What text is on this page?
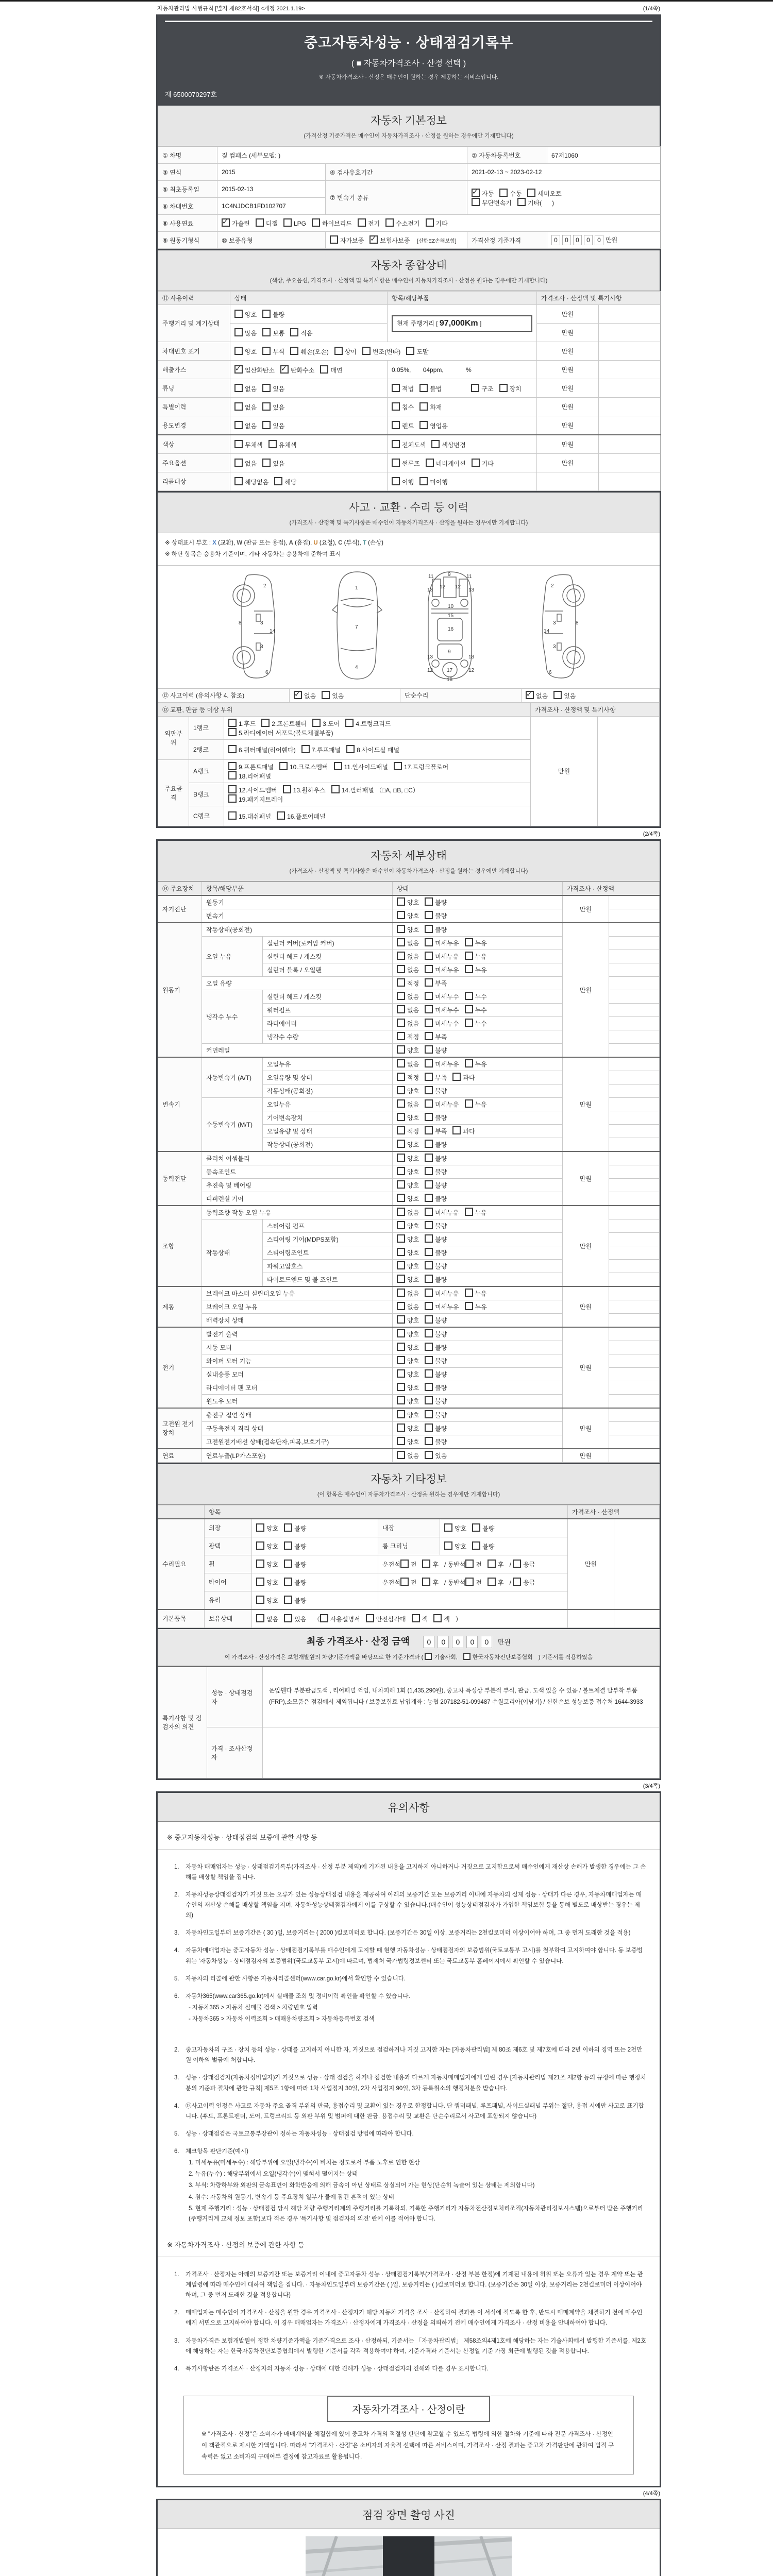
자동차관리법 시행규칙 [별지 제82호서식] <개정 2021.1.19>	(1/4쪽)
중고자동차성능 · 상태점검기록부
( ■ 자동차가격조사 · 산정 선택 )
※ 자동차가격조사 · 산정은 매수인이 원하는 경우 제공하는 서비스입니다.
제 6500070297호
자동차 기본정보
(가격산정 기준가격은 매수인이 자동차가격조사 · 산정을 원하는 경우에만 기재합니다)
① 차명	짚 컴패스 (세부모델: )		② 자동차등록번호	67저1060
③ 연식	2015	④ 검사유효기간	2021-02-13 ~ 2023-02-12	
⑤ 최초등록일	2015-02-13	⑦ 변속기 종류	✓자동 수동 세미오토
무단변속기 기타(      )
⑥ 차대번호	1C4NJDCB1FD102707			
⑧ 사용연료	✓가솔린 디젤 LPG 하이브리드 전기 수소전기 기타
⑨ 원동기형식	⑩ 보증유형	자가보증 ✓ 보험사보증 [신한EZ손해보험]	가격산정 기준가격	0 0 0 0 0 만원
자동차 종합상태
(색상, 주요옵션, 가격조사 · 산정액 및 특기사항은 매수인이 자동차가격조사 · 산정을 원하는 경우에만 기재합니다)
⑪ 사용이력	상태	항목/해당부품	가격조사 · 산정액 및 특기사항	
주행거리 및 계기상태	양호 불량	현재 주행거리 [ 97,000Km ]	만원	
	많음 보통 적음		만원	
차대번호 표기	양호 부식 훼손(오손) 상이 변조(변타) 도말		만원	
배출가스	✓일산화탄소 ✓ 탄화수소 매연	0.05%,       04ppm,             %	만원	
튜닝	없음 있음	적법 불법 구조 장치	만원	
특별이력	없음 있음	침수 화재	만원	
용도변경	없음 있음	렌트 영업용	만원	
색상	무채색 유채색	전체도색 색상변경	만원	
주요옵션	없음 있음	썬루프 네비게이션 기타	만원	
리콜대상	해당없음 해당	이행 미이행		
사고 · 교환 · 수리 등 이력
(가격조사 · 산정액 및 특기사항은 매수인이 자동차가격조사 · 산정을 원하는 경우에만 기재합니다)
※ 상태표시 부호 : X (교환), W (판금 또는 용접), A (흠집), U (요철), C (부식), T (손상)
※ 하단 항목은 승용차 기준이며, 기타 자동차는 승용차에 준하여 표시
2
8	3
14
3
6
1
7
4
11	11
13	13
12 12
9
10
15
16
13	13
9
12	12
17
18
2
3	8
14
3
6
⑫ 사고이력 (유의사항 4. 참조)	✓없음	있음	단순수리	✓없음	있음
⑬ 교환, 판금 등 이상 부위			가격조사 · 산정액 및 특기사항	
외판부위	1랭크	1.후드 2.프론트휀더 3.도어 4.트렁크리드
5.라디에이터 서포트(볼트체결부품)	만원	
	2랭크	6.쿼터패널(리어휀다) 7.루프패널 8.사이드실 패널		
주요골격	A랭크	9.프론트패널 10.크로스멤버 11.인사이드패널 17.트렁크플로어
18.리어패널		
	B랭크	12.사이드멤버 13.휠하우스 14.필러패널 （□A, □B, □C）
19.패키지트레이		
	C랭크	15.대쉬패널 16.플로어패널		
(2/4쪽)
자동차 세부상태
(가격조사 · 산정액 및 특기사항은 매수인이 자동차가격조사 · 산정을 원하는 경우에만 기재합니다)
⑭ 주요장치	항목/해당부품		상태	가격조사 · 산정액	
자기진단	원동기		양호 불량	만원	
	변속기		양호 불량		
원동기	작동상태(공회전)		양호 불량	만원	
	오일 누유	실린더 커버(로커암 커버)	없음 미세누유 누유		
		실린더 헤드 / 개스킷	없음 미세누유 누유		
		실린더 블록 / 오일팬	없음 미세누유 누유		
	오일 유량		적정 부족		
	냉각수 누수	실린더 헤드 / 개스킷	없음 미세누수 누수		
		워터펌프	없음 미세누수 누수		
		라디에이터	없음 미세누수 누수		
		냉각수 수량	적정 부족		
	커먼레일		양호 불량		
변속기	자동변속기 (A/T)	오일누유	없음 미세누유 누유	만원	
		오일유량 및 상태	적정 부족 과다		
		작동상태(공회전)	양호 불량		
	수동변속기 (M/T)	오일누유	없음 미세누유 누유		
		기어변속장치	양호 불량		
		오일유량 및 상태	적정 부족 과다		
		작동상태(공회전)	양호 불량		
동력전달	클러치 어셈블리		양호 불량	만원	
	등속조인트		양호 불량		
	추진축 및 베어링		양호 불량		
	디퍼렌셜 기어		양호 불량		
조향	동력조향 작동 오일 누유		없음 미세누유 누유	만원	
	작동상태	스티어링 펌프	양호 불량		
		스티어링 기어(MDPS포함)	양호 불량		
		스티어링조인트	양호 불량		
		파워고압호스	양호 불량		
		타이로드엔드 및 볼 조인트	양호 불량		
제동	브레이크 마스터 실린더오일 누유		없음 미세누유 누유	만원	
	브레이크 오일 누유		없음 미세누유 누유		
	배력장치 상태		양호 불량		
전기	발전기 출력		양호 불량	만원	
	시동 모터		양호 불량		
	와이퍼 모터 기능		양호 불량		
	실내송풍 모터		양호 불량		
	라디에이터 팬 모터		양호 불량		
	윈도우 모터		양호 불량		
고전원 전기장치	충전구 절연 상태		양호 불량	만원	
	구동축전지 격리 상태		양호 불량		
	고전원전기배선 상태(접속단자,피복,보호기구)		양호 불량		
연료	연료누출(LP가스포함)		없음 있음	만원	
자동차 기타정보
(이 항목은 매수인이 자동차가격조사 · 산정을 원하는 경우에만 기재합니다)
	항목				가격조사 · 산정액	
수리필요	외장	양호 불량	내장	양호 불량	만원	
	광택	양호 불량	룸 크리닝	양호 불량		
	휠	양호 불량	운전석 전 후 / 동반석 전 후 / 응급			
	타이어	양호 불량	운전석 전 후 / 동반석 전 후 / 응급			
	유리	양호 불량				
기본품목	보유상태	없음 있음 （ 사용설명서 안전삼각대 잭 잭 ）				
최종 가격조사 · 산정 금액 0 0 0 0 0 만원
이 가격조사 · 산정가격은 보험개발원의 차량기준가액을 바탕으로 한 기준가격과 ( 기술사회,	한국자동차진단보증협회 ) 기준서를 적용하였음
특기사항 및 점검자의 의견	성능 · 상태점검자	운앞휀다 부분판금도색 , 리어패널 꺽임, 내차피해 1회 (1,435,290원), 중고차 특성상 부분적 부식, 판금, 도색 있을 수 있음 / 볼트체결 탈부착 부품(FRP),소모품은 점검에서 제외됩니다 / 보증보험료 납입계좌 : 농협 207182-51-099487 수원코리아(이남기) / 신한손보 성능보증 접수처 1644-3933
	가격 · 조사산정자	
(3/4쪽)
유의사항
※ 중고자동차성능 · 상태점검의 보증에 관한 사항 등
1. 자동차 매매업자는 성능 · 상태점검기록부(가격조사 · 산정 부분 제외)에 기재된 내용을 고지하지 아니하거나 거짓으로 고지함으로써 매수인에게 재산상 손해가 발생한 경우에는 그 손해를 배상할 책임을 집니다.
2. 자동차성능상태점검자가 거짓 또는 오류가 있는 성능상태점검 내용을 제공하여 아래의 보증기간 또는 보증거리 이내에 자동차의 실제 성능 · 상태가 다른 경우, 자동차매매업자는 매수인의 재산상 손해를 배상할 책임을 지며, 자동차성능상태점검자에게 이를 구상할 수 있습니다.(매수인이 성능상태점검자가 가입한 책임보험 등을 통해 별도로 배상받는 경우는 제외)
3. 자동차인도일부터 보증기간은 ( 30 )일, 보증거리는 ( 2000 )킬로미터로 합니다. (보증기간은 30일 이상, 보증거리는 2천킬로미터 이상이어야 하며, 그 중 먼저 도래한 것을 적용)
4. 자동차매매업자는 중고자동차 성능 · 상태점검기록부를 매수인에게 고지할 때 현행 자동차성능 · 상태점검자의 보증범위(국토교통부 고시)를 첨부하여 고지하여야 합니다. 동 보증범위는 '자동차성능 · 상태점검자의 보증범위'(국토교통부 고시)에 따르며, 법제처 국가법령정보센터 또는 국토교통부 홈페이지에서 확인할 수 있습니다.
5. 자동차의 리콜에 관한 사항은 자동차리콜센터(www.car.go.kr)에서 확인할 수 있습니다.
6. 자동차365(www.car365.go.kr)에서 실매물 조회 및 정비이력 확인을 확인할 수 있습니다.
- 자동차365 > 자동차 실매물 검색 > 차량번호 입력
- 자동차365 > 자동차 이력조회 > 매매용차량조회 > 자동차등록번호 검색
2. 중고자동차의 구조 · 장치 등의 성능 · 상태를 고지하지 아니한 자, 거짓으로 점검하거나 거짓 고지한 자는 [자동차관리법] 제 80조 제6호 및 제7호에 따라 2년 이하의 징역 또는 2천만원 이하의 벌금에 처합니다.
3. 성능 · 상태점검자(자동차정비업자)가 거짓으로 성능 · 상태 점검을 하거나 점검한 내용과 다르게 자동차매매업자에게 알린 경우 [자동차관리법 제21조 제2항 등의 규정에 따른 행정처분의 기준과 절차에 관한 규칙] 제5조 1항에 따라 1차 사업정지 30일, 2차 사업정지 90일, 3차 등록취소의 행정처분을 받습니다.
4. ⑫사고이력 인정은 사고로 자동차 주요 골격 부위의 판금, 용접수리 및 교환이 있는 경우로 한정합니다. 단 쿼터패널, 루프패널, 사이드실패널 부위는 절단, 용접 시에만 사고로 표기합니다. (후드, 프론트펜더, 도어, 트렁크리드 등 외판 부위 및 범퍼에 대한 판금, 용접수리 및 교환은 단순수리로서 사고에 포함되지 않습니다)
5. 성능 · 상태점검은 국토교통부장관이 정하는 자동차성능 · 상태점검 방법에 따라야 합니다.
6. 체크항목 판단기준(예시)
1. 미세누유(미세누수) : 해당부위에 오일(냉각수)이 비치는 정도로서 부품 노후로 인한 현상
2. 누유(누수) : 해당부위에서 오일(냉각수)이 맺혀서 떨어지는 상태
3. 부식: 차량하부와 외판의 금속표면이 화학반응에 의해 금속이 아닌 상태로 상실되어 가는 현상(단순히 녹슬어 있는 상태는 제외합니다)
4. 침수: 자동차의 원동기, 변속기 등 주요장치 일부가 물에 잠긴 흔적이 있는 상태
5. 현재 주행거리 : 성능 · 상태점검 당시 해당 차량 주행거리계의 주행거리를 기록하되, 기록한 주행거리가 자동차전산정보처리조직(자동차관리정보시스템)으로부터 받은 주행거리(주행거리계 교체 정보 포함)보다 적은 경우 '특기사항 및 점검자의 의견' 란에 이를 적어야 합니다.
※ 자동차가격조사 · 산정의 보증에 관한 사항 등
1. 가격조사 · 산정자는 아래의 보증기간 또는 보증거리 이내에 중고자동차 성능 · 상태점검기록부(가격조사 · 산정 부분 한정)에 기재된 내용에 허위 또는 오류가 있는 경우 계약 또는 관계법령에 따라 매수인에 대하여 책임을 집니다. · 자동차인도일부터 보증기간은 ( )일, 보증거리는 ( )킬로미터로 합니다. (보증기간은 30일 이상, 보증거리는 2천킬로미터 이상이어야 하며, 그 중 먼저 도래한 것을 적용합니다)
2. 매매업자는 매수인이 가격조사 · 산정을 원할 경우 가격조사 · 산정자가 해당 자동차 가격을 조사 · 산정하여 결과를 이 서식에 적도록 한 후, 반드시 매매계약을 체결하기 전에 매수인에게 서면으로 고지하여야 합니다. 이 경우 매매업자는 가격조사 · 산정자에게 가격조사 · 산정을 의뢰하기 전에 매수인에게 가격조사 · 산정 비용을 안내하여야 합니다.
3. 자동차가격은 보험개발원이 정한 차량기준가액을 기준가격으로 조사 · 산정하되, 기준서는 「자동차관리법」 제58조의4제1호에 해당하는 자는 기술사회에서 발행한 기준서를, 제2호에 해당하는 자는 한국자동차진단보증협회에서 발행한 기준서를 각각 적용하여야 하며, 기준가격과 기준서는 산정일 기준 가장 최근에 발행된 것을 적용합니다.
4. 특기사항란은 가격조사 · 산정자의 자동차 성능 · 상태에 대한 견해가 성능 · 상태점검자의 견해와 다를 경우 표시합니다.
자동차가격조사 · 산정이란

※ "가격조사 · 산정"은 소비자가 매매계약을 체결함에 있어 중고차 가격의 적절성 판단에 참고할 수 있도록 법령에 의한 절차와 기준에 따라 전문 가격조사 · 산정인이 객관적으로 제시한 가액입니다. 따라서 "가격조사 · 산정"은 소비자의 자율적 선택에 따른 서비스이며, 가격조사 · 산정 결과는 중고차 가격판단에 관하여 법적 구속력은 없고 소비자의 구매여부 결정에 참고자료로 활용됩니다.

(4/4쪽)
점검 장면 촬영 사진
